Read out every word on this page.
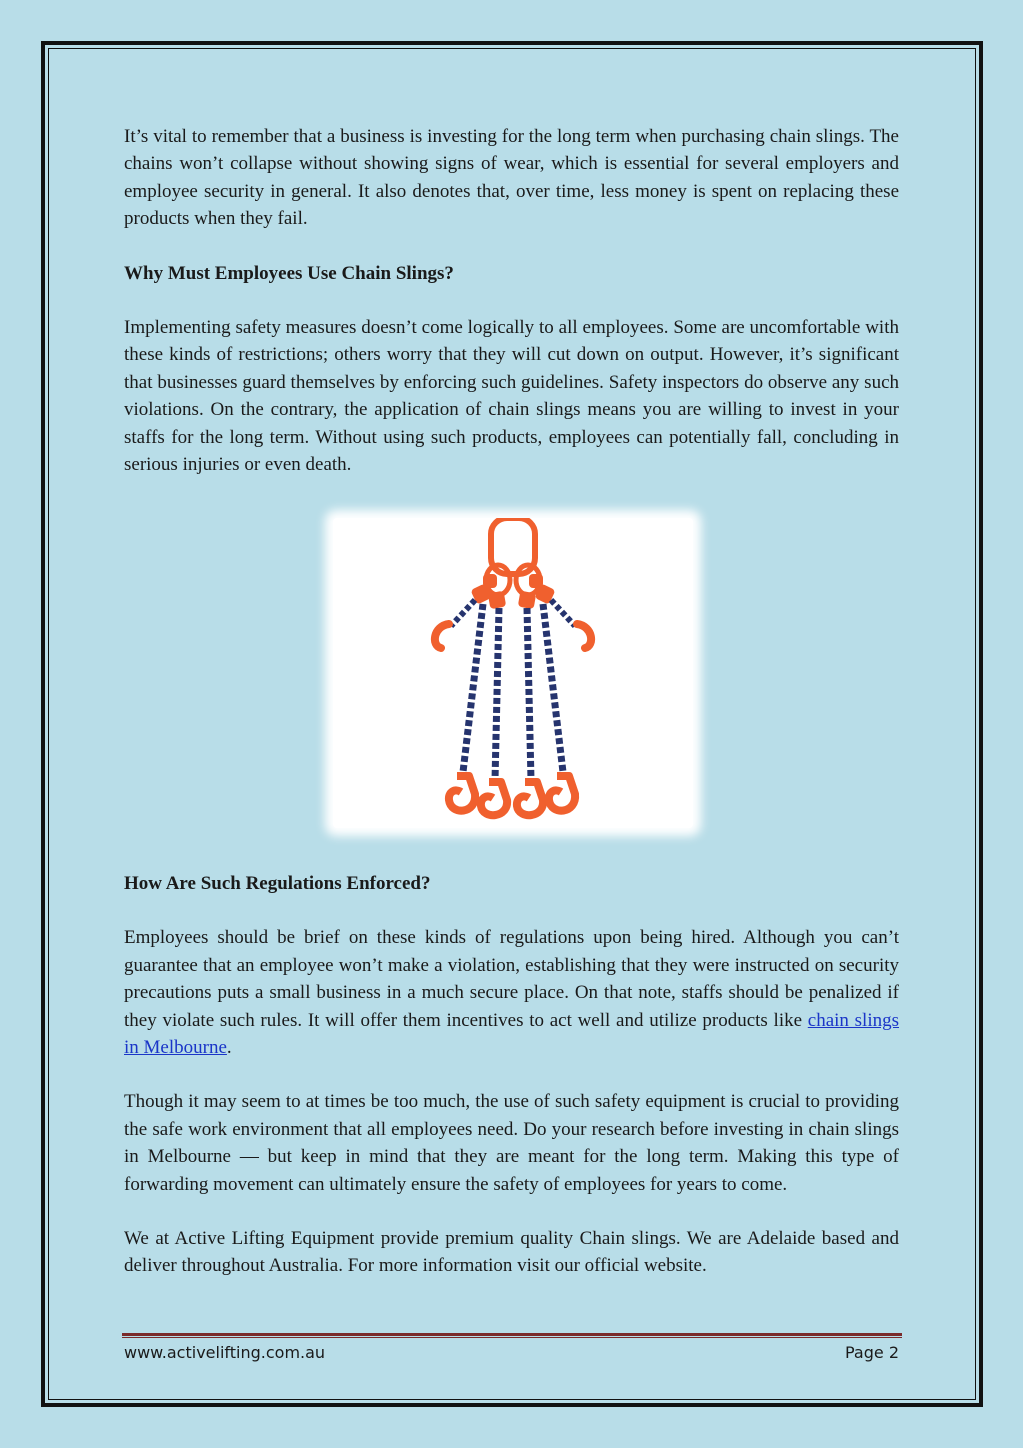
It’s vital to remember that a business is investing for the long term when purchasing chain slings. The chains won’t collapse without showing signs of wear, which is essential for several employers and employee security in general. It also denotes that, over time, less money is spent on replacing these products when they fail.

Why Must Employees Use Chain Slings?

Implementing safety measures doesn’t come logically to all employees. Some are uncomfortable with these kinds of restrictions; others worry that they will cut down on output. However, it’s significant that businesses guard themselves by enforcing such guidelines. Safety inspectors do observe any such violations. On the contrary, the application of chain slings means you are willing to invest in your staffs for the long term. Without using such products, employees can potentially fall, concluding in serious injuries or even death.

How Are Such Regulations Enforced?

Employees should be brief on these kinds of regulations upon being hired. Although you can’t guarantee that an employee won’t make a violation, establishing that they were instructed on security precautions puts a small business in a much secure place. On that note, staffs should be penalized if they violate such rules. It will offer them incentives to act well and utilize products like chain slings in Melbourne.

Though it may seem to at times be too much, the use of such safety equipment is crucial to providing the safe work environment that all employees need. Do your research before investing in chain slings in Melbourne — but keep in mind that they are meant for the long term. Making this type of forwarding movement can ultimately ensure the safety of employees for years to come.

We at Active Lifting Equipment provide premium quality Chain slings. We are Adelaide based and deliver throughout Australia. For more information visit our official website.

www.activelifting.com.au	Page 2
